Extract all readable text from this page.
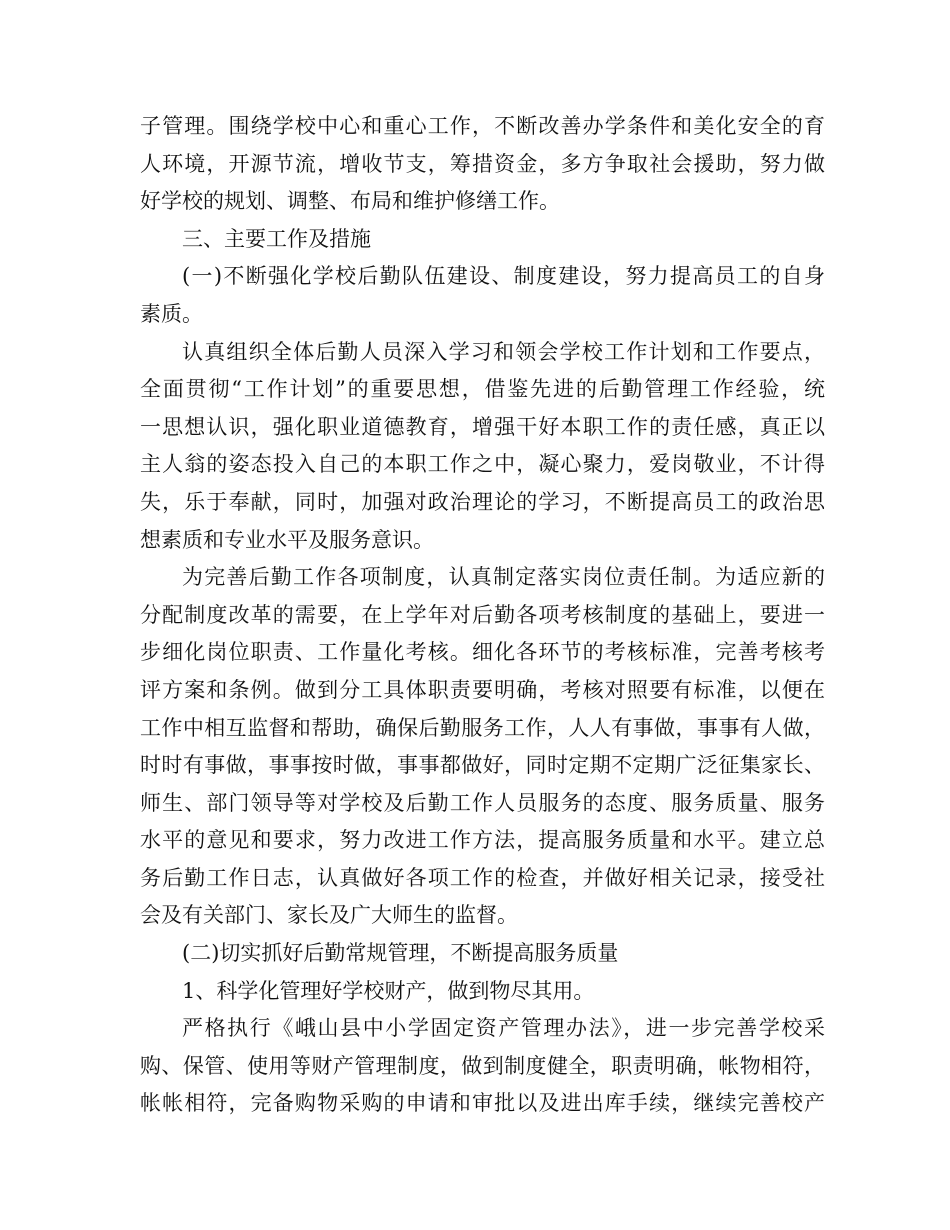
子管理。围绕学校中心和重心工作，不断改善办学条件和美化安全的育
人环境，开源节流，增收节支，筹措资金，多方争取社会援助，努力做
好学校的规划、调整、布局和维护修缮工作。
三、主要工作及措施
(一)不断强化学校后勤队伍建设、制度建设，努力提高员工的自身
素质。
认真组织全体后勤人员深入学习和领会学校工作计划和工作要点，
全面贯彻“工作计划”的重要思想，借鉴先进的后勤管理工作经验，统
一思想认识，强化职业道德教育，增强干好本职工作的责任感，真正以
主人翁的姿态投入自己的本职工作之中，凝心聚力，爱岗敬业，不计得
失，乐于奉献，同时，加强对政治理论的学习，不断提高员工的政治思
想素质和专业水平及服务意识。
为完善后勤工作各项制度，认真制定落实岗位责任制。为适应新的
分配制度改革的需要，在上学年对后勤各项考核制度的基础上，要进一
步细化岗位职责、工作量化考核。细化各环节的考核标准，完善考核考
评方案和条例。做到分工具体职责要明确，考核对照要有标准，以便在
工作中相互监督和帮助，确保后勤服务工作，人人有事做，事事有人做，
时时有事做，事事按时做，事事都做好，同时定期不定期广泛征集家长、
师生、部门领导等对学校及后勤工作人员服务的态度、服务质量、服务
水平的意见和要求，努力改进工作方法，提高服务质量和水平。建立总
务后勤工作日志，认真做好各项工作的检查，并做好相关记录，接受社
会及有关部门、家长及广大师生的监督。
(二)切实抓好后勤常规管理，不断提高服务质量
1、科学化管理好学校财产，做到物尽其用。
严格执行《峨山县中小学固定资产管理办法》，进一步完善学校采
购、保管、使用等财产管理制度，做到制度健全，职责明确，帐物相符，
帐帐相符，完备购物采购的申请和审批以及进出库手续，继续完善校产
